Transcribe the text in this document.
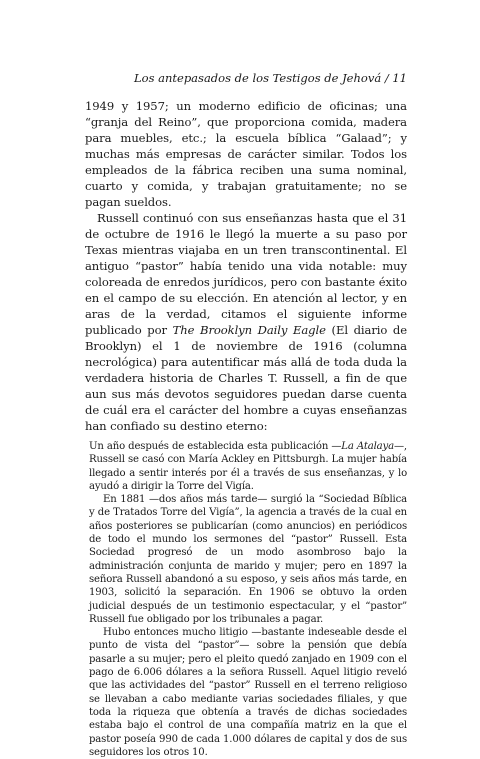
Los antepasados de los Testigos de Jehová / 11

1949 y 1957; un moderno edificio de oficinas; una “granja del Reino”, que proporciona comida, madera para muebles, etc.; la escuela bíblica “Galaad”; y muchas más empresas de carácter similar. Todos los empleados de la fábrica reciben una suma nominal, cuarto y comida, y trabajan gratuitamente; no se pagan sueldos.

Russell continuó con sus enseñanzas hasta que el 31 de octubre de 1916 le llegó la muerte a su paso por Texas mientras viajaba en un tren transcontinental. El antiguo “pastor” había tenido una vida notable: muy coloreada de enredos jurídicos, pero con bastante éxito en el campo de su elección. En atención al lector, y en aras de la verdad, citamos el siguiente informe publicado por The Brooklyn Daily Eagle (El diario de Brooklyn) el 1 de noviembre de 1916 (columna necrológica) para autentificar más allá de toda duda la verdadera historia de Charles T. Russell, a fin de que aun sus más devotos seguidores puedan darse cuenta de cuál era el carácter del hombre a cuyas enseñanzas han confiado su destino eterno:

Un año después de establecida esta publicación —La Atalaya—, Russell se casó con María Ackley en Pittsburgh. La mujer había llegado a sentir interés por él a través de sus enseñanzas, y lo ayudó a dirigir la Torre del Vigía.

En 1881 —dos años más tarde— surgió la “Sociedad Bíblica y de Tratados Torre del Vigía”, la agencia a través de la cual en años posteriores se publicarían (como anuncios) en periódicos de todo el mundo los sermones del “pastor” Russell. Esta Sociedad progresó de un modo asombroso bajo la administración conjunta de marido y mujer; pero en 1897 la señora Russell abandonó a su esposo, y seis años más tarde, en 1903, solicitó la separación. En 1906 se obtuvo la orden judicial después de un testimonio espectacular, y el “pastor” Russell fue obligado por los tribunales a pagar.

Hubo entonces mucho litigio —bastante indeseable desde el punto de vista del “pastor”— sobre la pensión que debía pasarle a su mujer; pero el pleito quedó zanjado en 1909 con el pago de 6.006 dólares a la señora Russell. Aquel litigio reveló que las actividades del “pastor” Russell en el terreno religioso se llevaban a cabo mediante varias sociedades filiales, y que toda la riqueza que obtenía a través de dichas sociedades estaba bajo el control de una compañía matriz en la que el pastor poseía 990 de cada 1.000 dólares de capital y dos de sus seguidores los otros 10.
